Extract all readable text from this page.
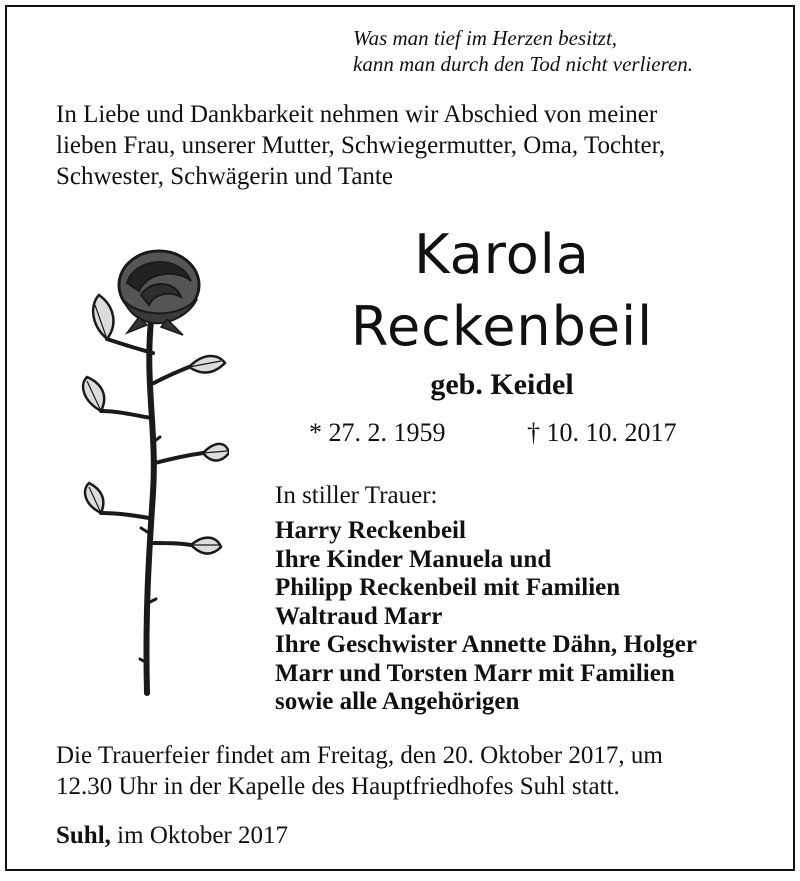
Was man tief im Herzen besitzt,
kann man durch den Tod nicht verlieren.
In Liebe und Dankbarkeit nehmen wir Abschied von meiner
lieben Frau, unserer Mutter, Schwiegermutter, Oma, Tochter,
Schwester, Schwägerin und Tante
Karola
Reckenbeil
geb. Keidel
* 27. 2. 1959	† 10. 10. 2017
In stiller Trauer:
Harry Reckenbeil
Ihre Kinder Manuela und
Philipp Reckenbeil mit Familien
Waltraud Marr
Ihre Geschwister Annette Dähn, Holger
Marr und Torsten Marr mit Familien
sowie alle Angehörigen
Die Trauerfeier findet am Freitag, den 20. Oktober 2017, um
12.30 Uhr in der Kapelle des Hauptfriedhofes Suhl statt.
Suhl, im Oktober 2017
